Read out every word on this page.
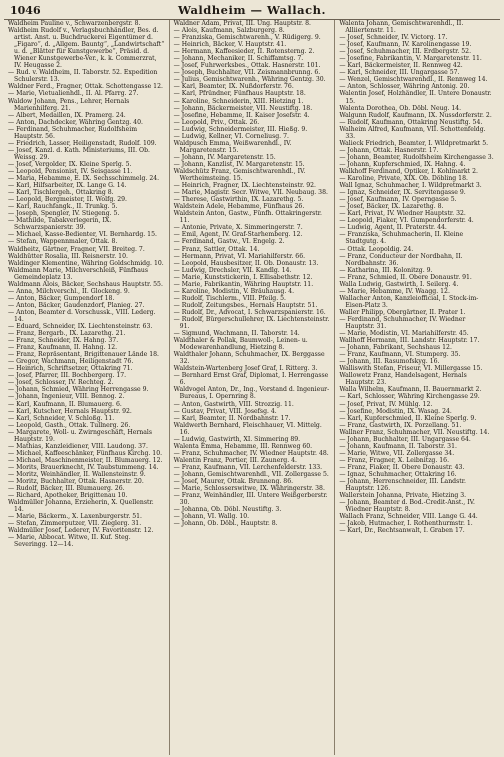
1046	Waldheim — Wallach.

Waldheim Pauline v., Schwarzenbergstr. 8.

Waldheim Rudolf v., Verlagsbuchhändler, Bes. d. artist. Anst. u. Buchdruckerei Eigentümer d. „Figaro“, d. „Allgem. Bauntg“, „Landwirtschaft“ u. d. „Blätter für Kunstgewerbe“, Präsid. d. Wiener Kunstgewerbe-Ver., k. k. Commerzrat, IV. Heugasse 2.

— Rud. v. Waldheim, II. Taborstr. 52. Expedition Schulerstr. 13.

Waldner Ferd., Fragner, Ottak. Schottengasse 12.

— Marie, Vietualienhdl., II. Al. Pfarrg. 27.

Waldow Johann, Pens., Lehrer, Hernals Marienhilferg. 21.

— Albert, Medaillen, IX. Pramerg. 24.

— Anton, Dachdecker, Währing Gentzg. 40.

— Ferdinand, Schuhmacher, Rudolfsheim Hauptstr. 56.

— Friedrich, Lasser, Heiligenstadt, Rudolf. 109.

— Josef, Kanzl. d. Kath. Ministeriums, III. Ob. Weissg. 29.

— Josef, Vergolder, IX. Kleine Sperlg. 5.

— Leopold, Pensionist, IV. Seisgasse 11.

— Maria, Hebamme, E. IX. Sechsschimmelg. 24.

— Karl, Hilfsarbeiter, IX. Lange G. 14.

— Karl, Tischlergeh., Ottakring 8.

— Leopold, Bergmeister, II. Wolfg. 29.

— Karl, Rauchfangk., II. Trunkg. 5.

— Joseph, Spengler, IV. Stiegeng. 5.

— Mathilde, Tabakverlegerin, IX. Schwarzspanierstr. 39.

— Michael, Kasse-Bedienter, VI. Bernhardg. 15.

— Stefan, Wappennmaler, Ottak. 8.

Waldheitz, Gärtner, Fragner, VII. Breiteg. 7.

Waldhütter Rosalia, III. Reisnerstr. 10.

Waldinger Klementine, Währing Goldschmidg. 10.

Waldmann Marie, Milchverschleiß, Fünfhaus Gemeindeplatz 13.

Waldmann Alois, Bäcker, Sechshaus Hauptstr. 55.

— Anna, Milchverschl., II. Glockeng. 9.

— Anton, Bäcker, Gumpendorf 18.

— Anton, Bäcker, Gaudenzdorf, Planieg. 27.

— Anton, Beamter d. Vorschussk., VIII. Lederg. 14.

— Eduard, Schneider, IX. Liechtensteinstr. 63.

— Franz, Bergarb., IX. Lazarethg. 21.

— Franz, Schneider, IX. Hahng. 37.

— Franz, Kaufmann, II. Hahng. 12.

— Franz, Repräsentant, Brigittenauer Lände 18.

— Gregor, Wachmann, Heiligenstadt 76.

— Heinrich, Schriftsetzer, Ottakring 71.

— Josef, Pfarrer, III. Bochbergerg. 17.

— Josef, Schlosser, IV. Rechteg. 2.

— Johann, Schmied, Währing Herrengasse 9.

— Johann, Ingenieur, VIII. Bennog. 2.

— Karl, Kaufmann, II. Blumauerg. 6.

— Karl, Kutscher, Hernals Hauptstr. 92.

— Karl, Schneider, V. Schloßg. 11.

— Leopold, Gasth., Ottak. Tullnerg. 26.

— Margarete, Woll- u. Zwirngeschäft, Hernals Hauptstr. 19.

— Mathias, Kanzleidiener, VIII. Laudong. 37.

— Michael, Kaffeeschänker, Fünfhaus Kirchg. 10.

— Michael, Maschinenmeister, II. Blumauerg. 12.

— Morits, Brauerknecht, IV. Taubstummeng. 14.

— Moritz, Weinhändler, II. Wallensteinstr. 9.

— Moritz, Buchhalter, Ottak. Hasnerstr. 20.

— Rudolf, Bäcker, III. Blumauerg. 26.

— Richard, Apotheker, Brigittenau 10.

Waldmüller Johanna, Erzieherin, X. Quellenstr. 14.

— Marie, Bäckerm., X. Laxenburgerstr. 51.

— Stefan, Zimmerputzer, VII. Zieglerg. 31.

Waldmüller Josef, Lederer, IV. Favoritenstr. 12.

— Marie, Abbocat. Witwe, II. Kuf. Steg. Severingg. 12—14.

Waldner Adam, Privat, III. Ung. Hauptstr. 8.

— Alois, Kaufmann, Salzburgerg. 8.

— Franziska, Gemischtwarenh., V. Rüdigerg. 9.

— Heinrich, Bäcker, V. Hauptstr. 41.

— Hermann, Kaffeesieder, II. Rotensterng. 2.

— Johann, Mechaniker, II. Schiffamtsg. 7.

— Josef, Fuhrwerksbes., Ottak. Hasnerstr. 101.

— Joseph, Buchhalter, VII. Zeismannbrunng. 6.

— Julius, Gemischtwarenh., Währing Gentzg. 30.

— Karl, Beamter, IX. Nußdorferstr. 76.

— Karl, Pfründner, Fünfhaus Hauptstr. 18.

— Karoline, Schneiderin, XIII. Hietzing 1.

— Johann, Bäckermeister, VII. Neustiftg. 18.

— Josefine, Hebamme, II. Kaiser Josefstr. 4.

— Leopold, Priv., Ottak. 26.

— Ludwig, Schneidermeister, III. Hießg. 9.

— Ludwig, Kellner, VI. Corneliusg. 7.

Waldpusch Emma, Weißwarenhdl., IV. Margaretenstr. 15.

— Johann, IV. Margaretenstr. 15.

— Johann, Kanzlist, IV. Margaretenstr. 15.

Waldschütz Franz, Gemischtwarenhdl., IV. Wertheimsteing. 15.

— Heinrich, Fragner, IX. Liechtensteinstr. 92.

— Marie, Magistr. Secr. Witwe, VII. Neubaug. 38.

— Therese, Gastwirthin, IX. Lazarethg. 5.

Waldstein Adele, Hebamme, Fünfhaus 26.

Waldstein Anton, Gastw., Fünfh. Ottakringerstr. 11.

— Antonie, Private, X. Simmeringerstr. 7.

— Emil, Agent, IV. Graf-Starhemberg. 12.

— Ferdinand, Gastw., VI. Engelg. 2.

— Franz, Sattler, Ottak. 14.

— Hermann, Privat, VI. Mariahilferstr. 66.

— Leopold, Hausbesitzer, II. Ob. Donaustr. 13.

— Ludwig, Drechsler, VII. Kandlg. 14.

— Marie, Kunststickerin, I. Ellisabethstr. 12.

— Marie, Fabrikantin, Währing Hauptstr. 11.

— Karoline, Modistin, V. Bräuhausg. 4.

— Rudolf, Tischlerm., VIII. Pfeilg. 5.

— Rudolf, Zeitungsbes., Hernals Hauptstr. 51.

— Rudolf, Dr., Advocat, I. Schwarzspanierstr. 16.

— Rudolf, Bürgerschullehrer, IX. Liechtensteinstr. 91.

— Sigmund, Wachmann, II. Taborstr. 14.

Waldthaler & Pollak, Baumwoll-, Leinen- u. Modewarenhandlung, Hietzing 8.

Waldthaler Johann, Schuhmacher, IX. Berggasse 32.

Waldstein-Wartenberg Josef Graf, I. Ritterg. 3.

— Bernhard Ernst Graf, Diplomat, I. Herrengasse 6.

Waldvogel Anton, Dr., Ing., Vorstand d. Ingenieur-Bureaus, I. Opernring 8.

— Anton, Gastwirth, VIII. Strozzig. 11.

— Gustav, Privat, VIII. Josefsg. 4.

— Karl, Beamter, II. Nordbahnstr. 17.

Waldwerth Bernhard, Fleischhauer, VI. Mittelg. 16.

— Ludwig, Gastwirth, XI. Simmering 89.

Walenta Emma, Hebamme, III. Rennweg 60.

— Franz, Schuhmacher, IV. Wiedner Hauptstr. 48.

Walentin Franz, Portier, III. Zaunerg. 4.

— Franz, Kaufmann, VII. Lerchenfelderstr. 133.

— Johann, Gemischtwarenhdl., VII. Zollergasse 5.

— Josef, Maurer, Ottak. Brunneng. 86.

— Marie, Schlosserswitwe, IX. Währingerstr. 38.

— Franz, Weinhändler, III. Untere Weißgerberstr. 30.

— Johanna, Ob. Döbl. Neustiftg. 3.

— Johann, VI. Wallg. 10.

— Johann, Ob. Döbl., Hauptstr. 8.

Walenta Johann, Gemischtwarenhdl., II. Alliiertenstr. 11.

— Josef, Schneider, IV. Victorg. 17.

— Josef, Kaufmann, IV. Karolinengasse 19.

— Josef, Schuhmacher, III. Erdbergstr. 52.

— Josefine, Fabrikantin, V. Margaretenstr. 11.

— Karl, Bäckermeister, II. Rennweg 42.

— Karl, Schneider, III. Ungargasse 57.

— Wenzel, Gemischtwarenhdl., II. Rennweg 14.

— Anton, Schlosser, Währing Antonig. 20.

Walentin Josef, Holzhändler, II. Untere Donaustr. 15.

Walenta Dorothea, Ob. Döbl. Neug. 14.

Walgunn Rudolf, Kaufmann, IX. Nussdorferstr. 2.

— Rudolf, Kaufmann, Ottakring Neustiftg. 54.

Walheim Alfred, Kaufmann, VII. Schottenfeldg. 33.

Walieck Friedrich, Beamter, I. Wildpretmarkt 5.

— Johann, Ottak. Hasnerstr. 17.

— Johann, Beamter, Rudolfsheim Kirchengasse 3.

— Johann, Kupferschmied, IX. Hahng. 4.

Walkhoff Ferdinand, Optiker, I. Kohlmarkt 2.

— Karoline, Private, XIX. Ob. Döbling 18.

Wall Ignaz, Schuhmacher, I. Wildpretmarkt 3.

— Ignaz, Schneider, IX. Servitengasse 9.

— Josef, Kaufmann, IV. Operngasse 5.

— Josef, Bäcker, IX. Lazarethg. 8.

— Karl, Privat, IV. Wiedner Hauptstr. 32.

— Leopold, Fiaker, VI. Gumpendorferstr. 4.

— Ludwig, Agent, II. Praterstr. 44.

— Franziska, Schuhmacherin, II. Kleine Stadtgutg. 4.

— Ottak. Leopoldig. 24.

— Franz, Conducteur der Nordbahn, II. Nordbahnstr. 36.

— Katharina, III. Kolonitzg. 9.

— Franz, Schmied, II. Obere Donaustr. 91.

Walla Ludwig, Gastwirth, I. Seilerg. 4.

— Marie, Hebamme, IV. Waagg. 12.

Wallacher Anton, Kanzleiofficial, I. Stock-im-Eisen-Platz 3.

Waller Philipp, Obergärtner, II. Prater 1.

— Ferdinand, Schuhmacher, IV. Wiedner Hauptstr. 31.

— Marie, Modistin, VI. Mariahilferstr. 45.

Wallhoff Hermann, III. Landstr. Hauptstr. 17.

— Johann, Fabrikant, Sechshaus 12.

— Franz, Kaufmann, VI. Stumperg. 35.

— Johann, III. Rasumofskyg. 16.

Walliswith Stefan, Friseur, VI. Millergasse 15.

Wallowetz Franz, Handelsagent, Hernals Hauptstr. 23.

Walla Wilhelm, Kaufmann, II. Bauernmarkt 2.

— Karl, Schlosser, Währing Kirchengasse 29.

— Josef, Privat, IV. Mühlg. 12.

— Josefine, Modistin, IX. Wasag. 24.

— Karl, Kupferschmied, II. Kleine Sperlg. 9.

— Franz, Gastwirth, IX. Porzellang. 51.

Wallner Franz, Schuhmacher, VII. Neustiftg. 14.

— Johann, Buchhalter, III. Ungargasse 64.

— Johann, Kaufmann, II. Taborstr. 31.

— Marie, Witwe, VII. Zollergasse 34.

— Franz, Fragner, X. Leibnitzg. 16.

— Franz, Fiaker, II. Obere Donaustr. 43.

— Ignaz, Schuhmacher, Ottakring 16.

— Johann, Herrenschneider, III. Landstr. Hauptstr. 126.

Wallerstein Johanna, Private, Hietzing 3.

— Johann, Beamter d. Bod.-Credit-Anst., IV. Wiedner Hauptstr. 8.

Wallach Franz, Schneider, VIII. Lange G. 44.

— Jakob, Hutmacher, I. Rothenthurmstr. 1.

— Karl, Dr., Rechtsanwalt, I. Graben 17.
